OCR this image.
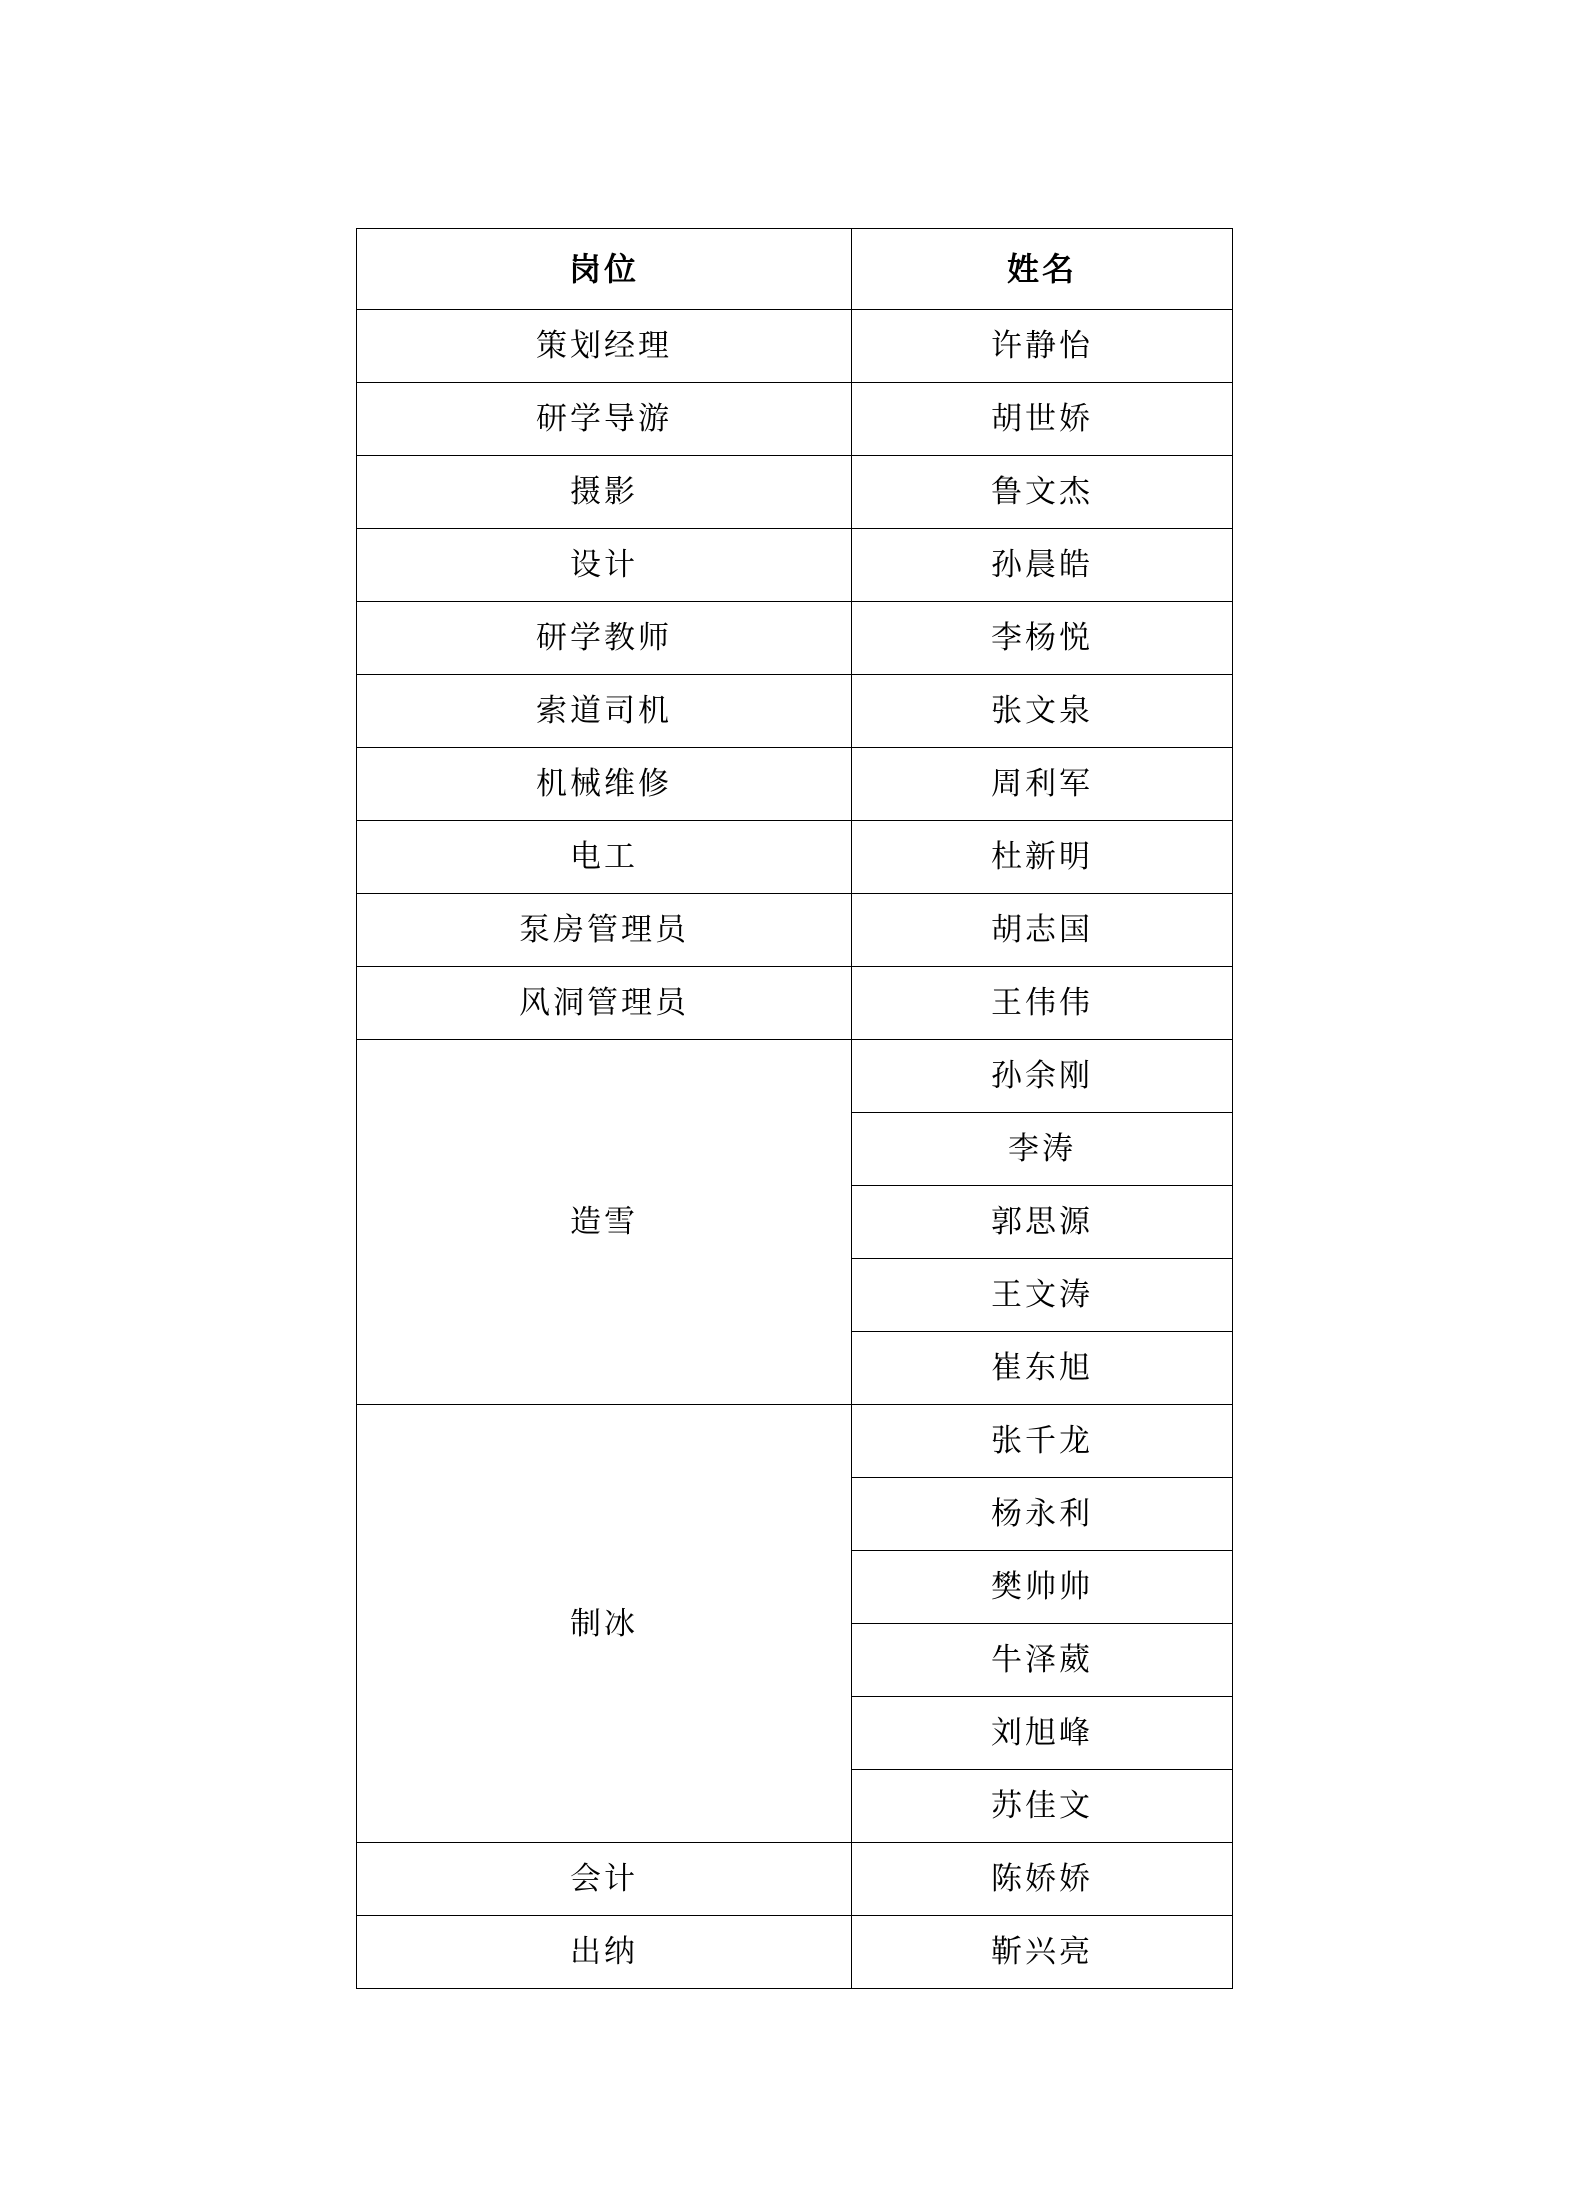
岗位	姓名
策划经理	许静怡
研学导游	胡世娇
摄影	鲁文杰
设计	孙晨皓
研学教师	李杨悦
索道司机	张文泉
机械维修	周利军
电工	杜新明
泵房管理员	胡志国
风洞管理员	王伟伟
造雪	孙余刚
	李涛
	郭思源
	王文涛
	崔东旭
制冰	张千龙
	杨永利
	樊帅帅
	牛泽葳
	刘旭峰
	苏佳文
会计	陈娇娇
出纳	靳兴亮
